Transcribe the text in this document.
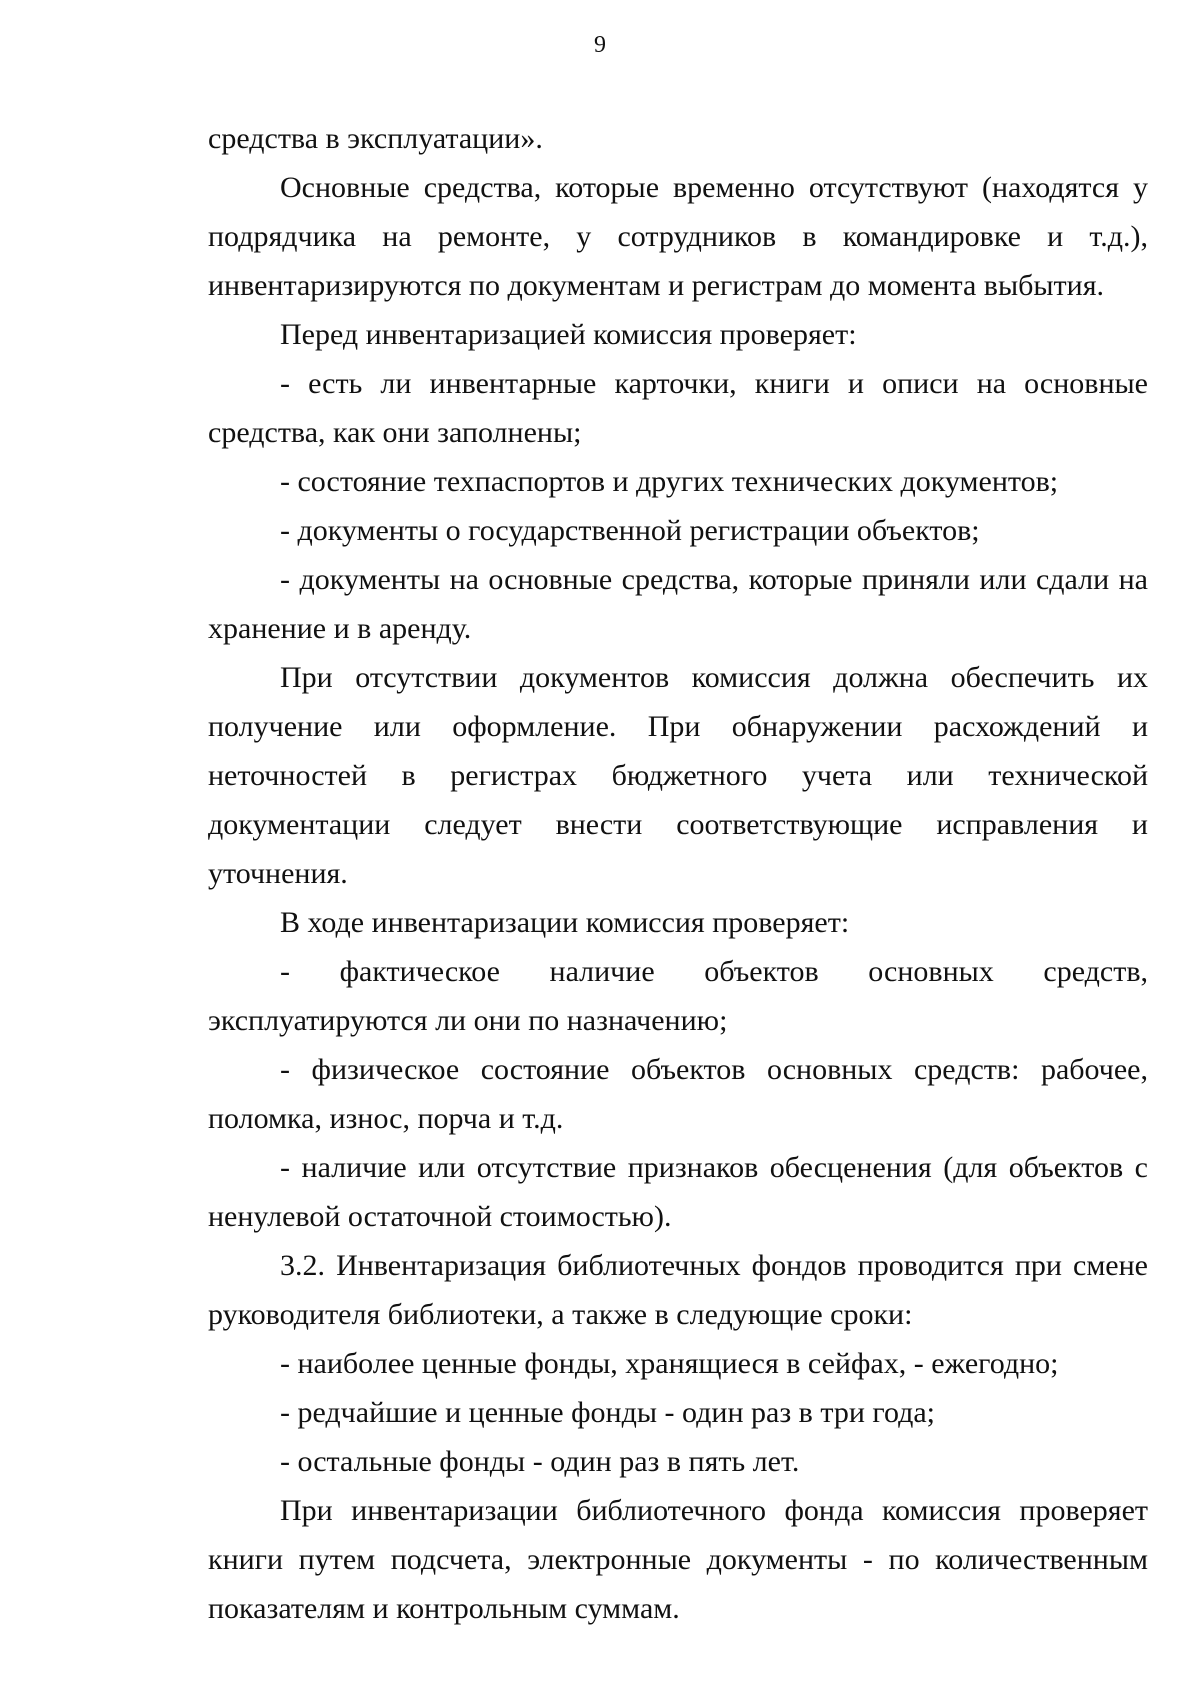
9

средства в эксплуатации».

Основные средства, которые временно отсутствуют (находятся у подрядчика на ремонте, у сотрудников в командировке и т.д.), инвентаризируются по документам и регистрам до момента выбытия.

Перед инвентаризацией комиссия проверяет:

- есть ли инвентарные карточки, книги и описи на основные средства, как они заполнены;

- состояние техпаспортов и других технических документов;

- документы о государственной регистрации объектов;

- документы на основные средства, которые приняли или сдали на хранение и в аренду.

При отсутствии документов комиссия должна обеспечить их получение или оформление. При обнаружении расхождений и неточностей в регистрах бюджетного учета или технической документации следует внести соответствующие исправления и уточнения.

В ходе инвентаризации комиссия проверяет:

- фактическое наличие объектов основных средств, эксплуатируются ли они по назначению;

- физическое состояние объектов основных средств: рабочее, поломка, износ, порча и т.д.

- наличие или отсутствие признаков обесценения (для объектов с ненулевой остаточной стоимостью).

3.2. Инвентаризация библиотечных фондов проводится при смене руководителя библиотеки, а также в следующие сроки:

- наиболее ценные фонды, хранящиеся в сейфах, - ежегодно;

- редчайшие и ценные фонды - один раз в три года;

- остальные фонды - один раз в пять лет.

При инвентаризации библиотечного фонда комиссия проверяет книги путем подсчета, электронные документы - по количественным показателям и контрольным суммам.
